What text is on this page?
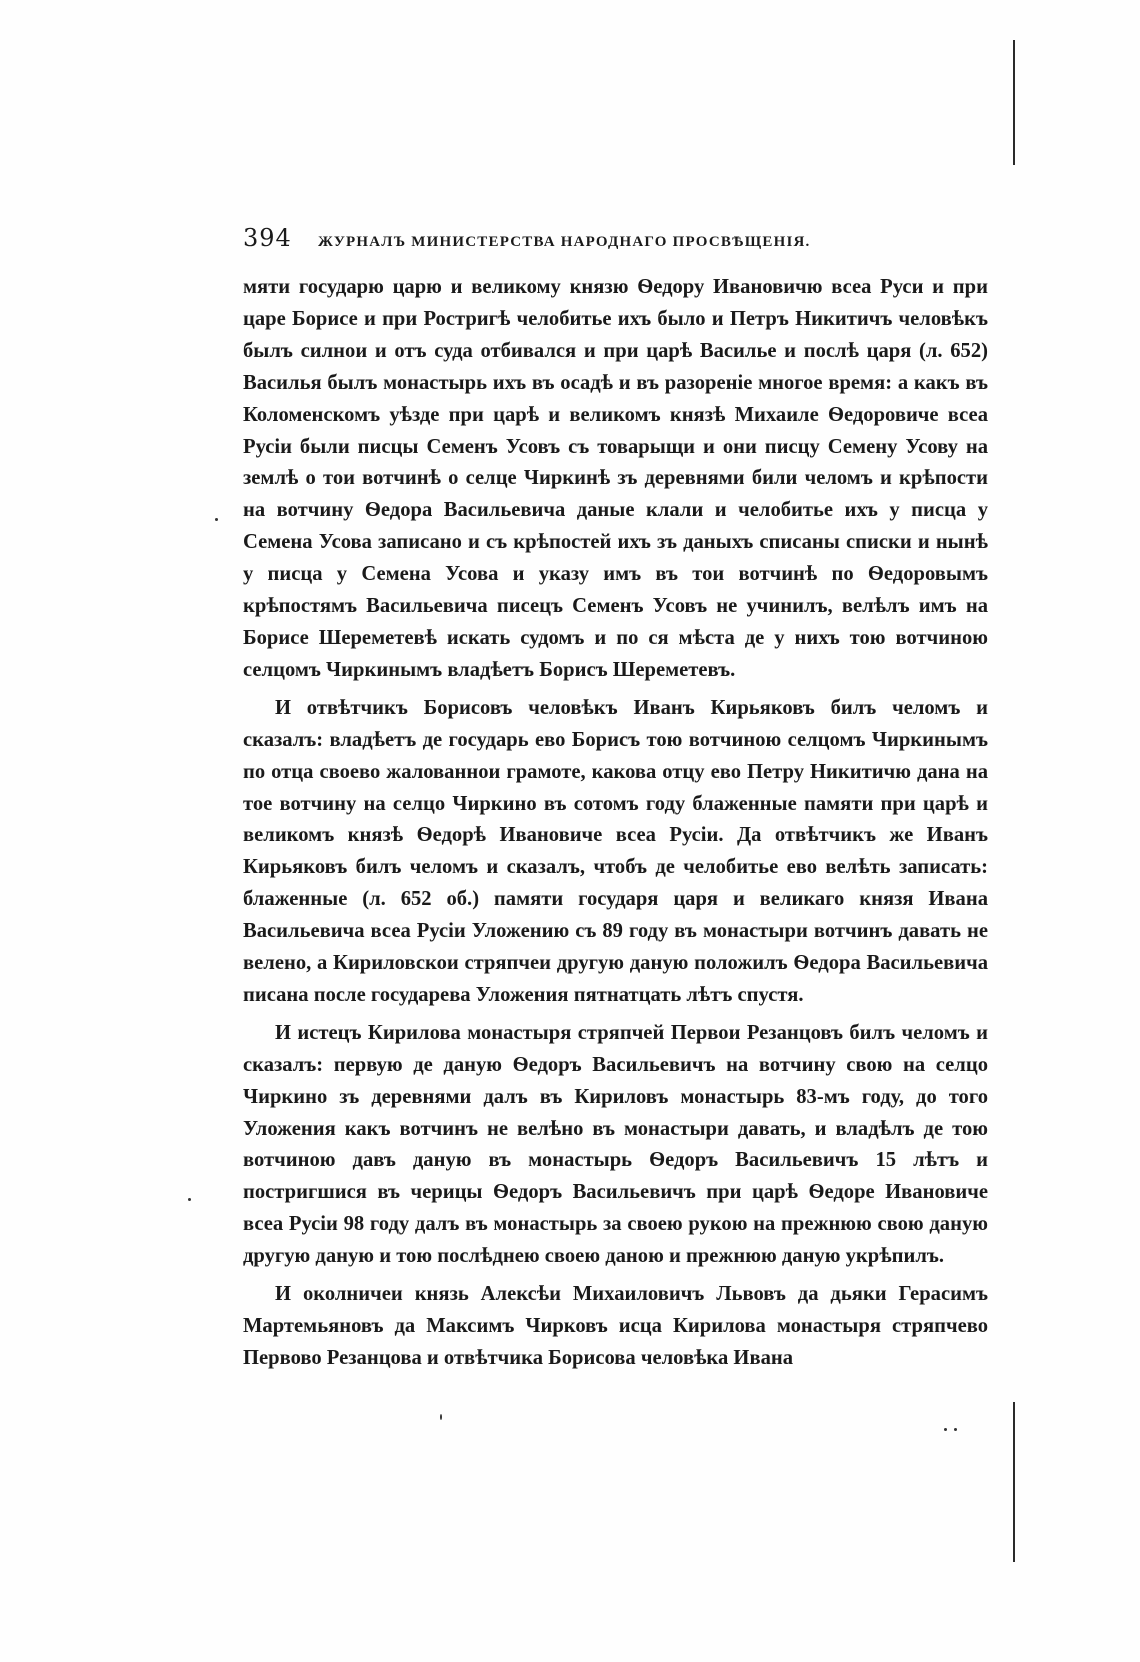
394	ЖУРНАЛЪ МИНИСТЕРСТВА НАРОДНАГО ПРОСВѢЩЕНІЯ.

мяти государю царю и великому князю Ѳедору Ивановичю всеа Руси и при царе Борисе и при Ростригѣ челобитье ихъ было и Петръ Никитичъ человѣкъ былъ силнои и отъ суда отбивался и при царѣ Василье и послѣ царя (л. 652) Василья былъ монастырь ихъ въ осадѣ и въ разореніе многое время: а какъ въ Коломенскомъ уѣзде при царѣ и великомъ князѣ Михаиле Ѳедоровиче всеа Русіи были писцы Семенъ Усовъ съ товарыщи и они писцу Семену Усову на землѣ о тои вотчинѣ о селце Чиркинѣ зъ деревнями били челомъ и крѣпости на вотчину Ѳедора Васильевича даные клали и челобитье ихъ у писца у Семена Усова записано и съ крѣпостей ихъ зъ даныхъ списаны списки и нынѣ у писца у Семена Усова и указу имъ въ тои вотчинѣ по Ѳедоровымъ крѣпостямъ Васильевича писецъ Семенъ Усовъ не учинилъ, велѣлъ имъ на Борисе Шереметевѣ искать судомъ и по ся мѣста де у нихъ тою вотчиною селцомъ Чиркинымъ владѣетъ Борисъ Шереметевъ.

И отвѣтчикъ Борисовъ человѣкъ Иванъ Кирьяковъ билъ челомъ и сказалъ: владѣетъ де государь ево Борисъ тою вотчиною селцомъ Чиркинымъ по отца своево жалованнои грамоте, какова отцу ево Петру Никитичю дана на тое вотчину на селцо Чиркино въ сотомъ году блаженные памяти при царѣ и великомъ князѣ Ѳедорѣ Ивановиче всеа Русіи. Да отвѣтчикъ же Иванъ Кирьяковъ билъ челомъ и сказалъ, чтобъ де челобитье ево велѣть записать: блаженные (л. 652 об.) памяти государя царя и великаго князя Ивана Васильевича всеа Русіи Уложению съ 89 году въ монастыри вотчинъ давать не велено, а Кириловскои стряпчеи другую даную положилъ Ѳедора Васильевича писана после государева Уложения пятнатцать лѣтъ спустя.

И истецъ Кирилова монастыря стряпчей Первои Резанцовъ билъ челомъ и сказалъ: первую де даную Ѳедоръ Васильевичъ на вотчину свою на селцо Чиркино зъ деревнями далъ въ Кириловъ монастырь 83-мъ году, до того Уложения какъ вотчинъ не велѣно въ монастыри давать, и владѣлъ де тою вотчиною давъ даную въ монастырь Ѳедоръ Васильевичъ 15 лѣтъ и постригшися въ черицы Ѳедоръ Васильевичъ при царѣ Ѳедоре Ивановиче всеа Русіи 98 году далъ въ монастырь за своею рукою на прежнюю свою даную другую даную и тою послѣднею своею даною и прежнюю даную укрѣпилъ.

И околничеи князь Алексѣи Михаиловичъ Львовъ да дьяки Герасимъ Мартемьяновъ да Максимъ Чирковъ исца Кирилова монастыря стряпчево Первово Резанцова и отвѣтчика Борисова человѣка Ивана
